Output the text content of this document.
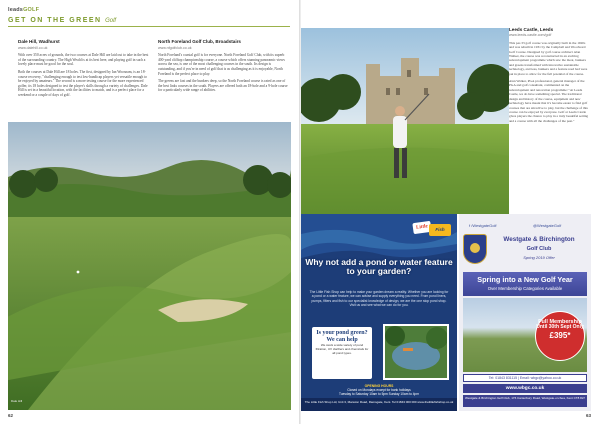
leadsGOLF
GET ON THE GREEN Golf
Dale Hill, Wadhurst
www.dalehill.co.uk

With over 350 acres of grounds, the two courses at Dale Hill are laid out to take in the best of the surrounding country. The High Weald is at its best here, and playing golf in such a lovely place must be good for the soul.

Both the courses at Dale Hill are 18 holes. The first, designed by Ian Woosnam, is an 18-course recovery, "challenging enough to test low-handicap players yet versatile enough to be enjoyed by amateurs." The second is a more testing course for the more experienced golfer, its 18 holes designed to test the player's skills through a variety of challenges. Dale Hill is set in a beautiful location, with the facilities to match, and is a perfect place for a weekend or a couple of days of golf.

North Foreland Golf Club, Broadstairs
www.nfgolfclub.co.uk

North Foreland's coastal golf is for everyone. North Foreland Golf Club, with its superb 400-yard clifftop championship course, a course which offers stunning panoramic views across the sea, is one of the most challenging courses in the south. Its design is outstanding, and if you're in need of golf that is as challenging as it is enjoyable, North Foreland is the perfect place to play.

The greens are fast and the bunkers deep, so the North Foreland course is rated as one of the best links courses in the south. Players are offered both an 18-hole and a 9-hole course for a particularly wide range of abilities.

Dale Hill
62
Leeds Castle, Leeds
www.leeds-castle.com/golf

This par-33 golf course was originally built in the 1920s and was rebuilt in 1931 by the Campbell and Woodward Golf Course. Designed by golf course architect Alan Walker, the course was reconstructed in an exciting redevelopment programme which saw the moat, bunkers and greens transformed with innovative sustainable technology, and tees, bunkers and a feature reed bed were put in place to allow for the full potential of the course.

Alan Walker, PGA professional, general manager of the PGA and golf consultant, commented on the redevelopment and renovation programme: "At Leeds Castle, we do have something special. The traditional design and history of the course, equipment and new technology have meant that it's become easier to find golf courses that are attractive to play, but the challenge of this course can be enjoyed by everyone. Golf at Leeds Castle gives players the chance to play in a truly beautiful setting and a course with all the challenges of the past."

Little	Fish
Why not add a pond or water feature to your garden?
The Little Fish Shop can help to make your garden dream a reality. Whether you are looking for a pond or a water feature, we can advise and supply everything you need. From pond liners, pumps, filters and fish to our specialist knowledge of design, we are the one stop pond shop. Visit us and see what we can do for you.
Is your pond green? We can help

We stock a wide variety of pond filtration, UV clarifiers and chemicals for all pond types.

OPENING HOURS
Closed on Mondays except for bank holidays
Tuesday to Saturday 10am to 5pm Sunday 10am to 4pm
The Little Fish Shop Ltd, Unit 3, Manston Road, Ramsgate, Kent. Tel 01843 000 000 www.thelittlefishshop.co.uk
f /WestgateGolf	@WestgateGolf
Westgate & Birchington
Golf Club
Spring 2019 Offer
Spring into a New Golf Year
Over Membership Categories Available
Full Membership
Until 30th Sept Only
£395*
Tel: 01843 831115 | Email: wbgc@yahoo.co.uk
www.wbgc.co.uk
Westgate & Birchington Golf Club, 176 Canterbury Road, Westgate-on-Sea, Kent CT8 8LT
63
